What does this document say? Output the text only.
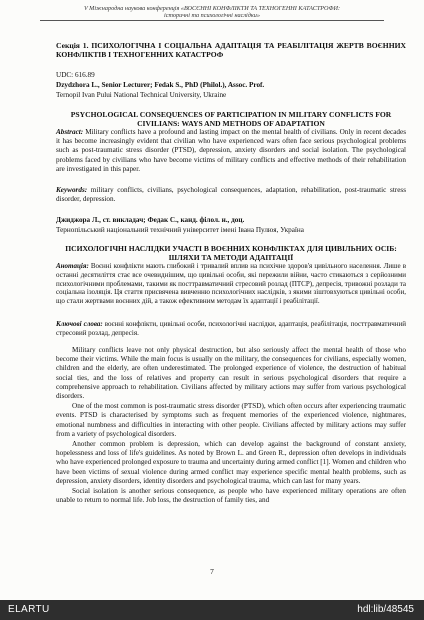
V Міжнародна наукова конференція «ВОСЄННІ КОНФЛІКТИ ТА ТЕХНОГЕННІ КАТАСТРОФИ:
історичні та психологічні наслідки»
Секція 1. ПСИХОЛОГІЧНА І СОЦІАЛЬНА АДАПТАЦІЯ ТА РЕАБІЛІТАЦІЯ ЖЕРТВ ВОЄННИХ КОНФЛІКТІВ І ТЕХНОГЕННИХ КАТАСТРОФ
UDC: 616.89
Dzydzhora L., Senior Lecturer; Fedak S., PhD (Philol.), Assoc. Prof.
Ternopil Ivan Pului National Technical University, Ukraine
PSYCHOLOGICAL CONSEQUENCES OF PARTICIPATION IN MILITARY CONFLICTS FOR CIVILIANS: WAYS AND METHODS OF ADAPTATION
Abstract: Military conflicts have a profound and lasting impact on the mental health of civilians. Only in recent decades it has become increasingly evident that civilian who have experienced wars often face serious psychological problems such as post-traumatic stress disorder (PTSD), depression, anxiety disorders and social isolation. The psychological problems faced by civilians who have become victims of military conflicts and effective methods of their rehabilitation are investigated in this paper.
Keywords: military conflicts, civilians, psychological consequences, adaptation, rehabilitation, post-traumatic stress disorder, depression.
Джиджора Л., ст. викладач; Федак С., канд. філол. н., доц.
Тернопільський національний технічний університет імені Івана Пулюя, Україна
ПСИХОЛОГІЧНІ НАСЛІДКИ УЧАСТІ В ВОЄННИХ КОНФЛІКТАХ ДЛЯ ЦИВІЛЬНИХ ОСІБ: ШЛЯХИ ТА МЕТОДИ АДАПТАЦІЇ
Анотація: Воєнні конфлікти мають глибокий і тривалий вплив на психічне здоров'я цивільного населення. Лише в останні десятиліття стає все очевиднішим, що цивільні особи, які пережили війни, часто стикаються з серйозними психологічними проблемами, такими як посттравматичний стресовий розлад (ПТСР), депресія, тривожні розлади та соціальна ізоляція. Ця стаття присвячена вивченню психологічних наслідків, з якими зіштовхуються цивільні особи, що стали жертвами воєнних дій, а також ефективним методам їх адаптації і реабілітації.
Ключові слова: воєнні конфлікти, цивільні особи, психологічні наслідки, адаптація, реабілітація, посттравматичний стресовий розлад, депресія.

Military conflicts leave not only physical destruction, but also seriously affect the mental health of those who become their victims. While the main focus is usually on the military, the consequences for civilians, especially women, children and the elderly, are often underestimated. The prolonged experience of violence, the destruction of habitual social ties, and the loss of relatives and property can result in serious psychological disorders that require a comprehensive approach to rehabilitation. Civilians affected by military actions may suffer from various psychological disorders.

One of the most common is post-traumatic stress disorder (PTSD), which often occurs after experiencing traumatic events. PTSD is characterised by symptoms such as frequent memories of the experienced violence, nightmares, emotional numbness and difficulties in interacting with other people. Civilians affected by military actions may suffer from a variety of psychological disorders.

Another common problem is depression, which can develop against the background of constant anxiety, hopelessness and loss of life's guidelines. As noted by Brown L. and Green R., depression often develops in individuals who have experienced prolonged exposure to trauma and uncertainty during armed conflict [1]. Women and children who have been victims of sexual violence during armed conflict may experience specific mental health problems, such as depression, anxiety disorders, identity disorders and psychological trauma, which can last for many years.

Social isolation is another serious consequence, as people who have experienced military operations are often unable to return to normal life. Job loss, the destruction of family ties, and

7
ELARTU	hdl:lib/48545
